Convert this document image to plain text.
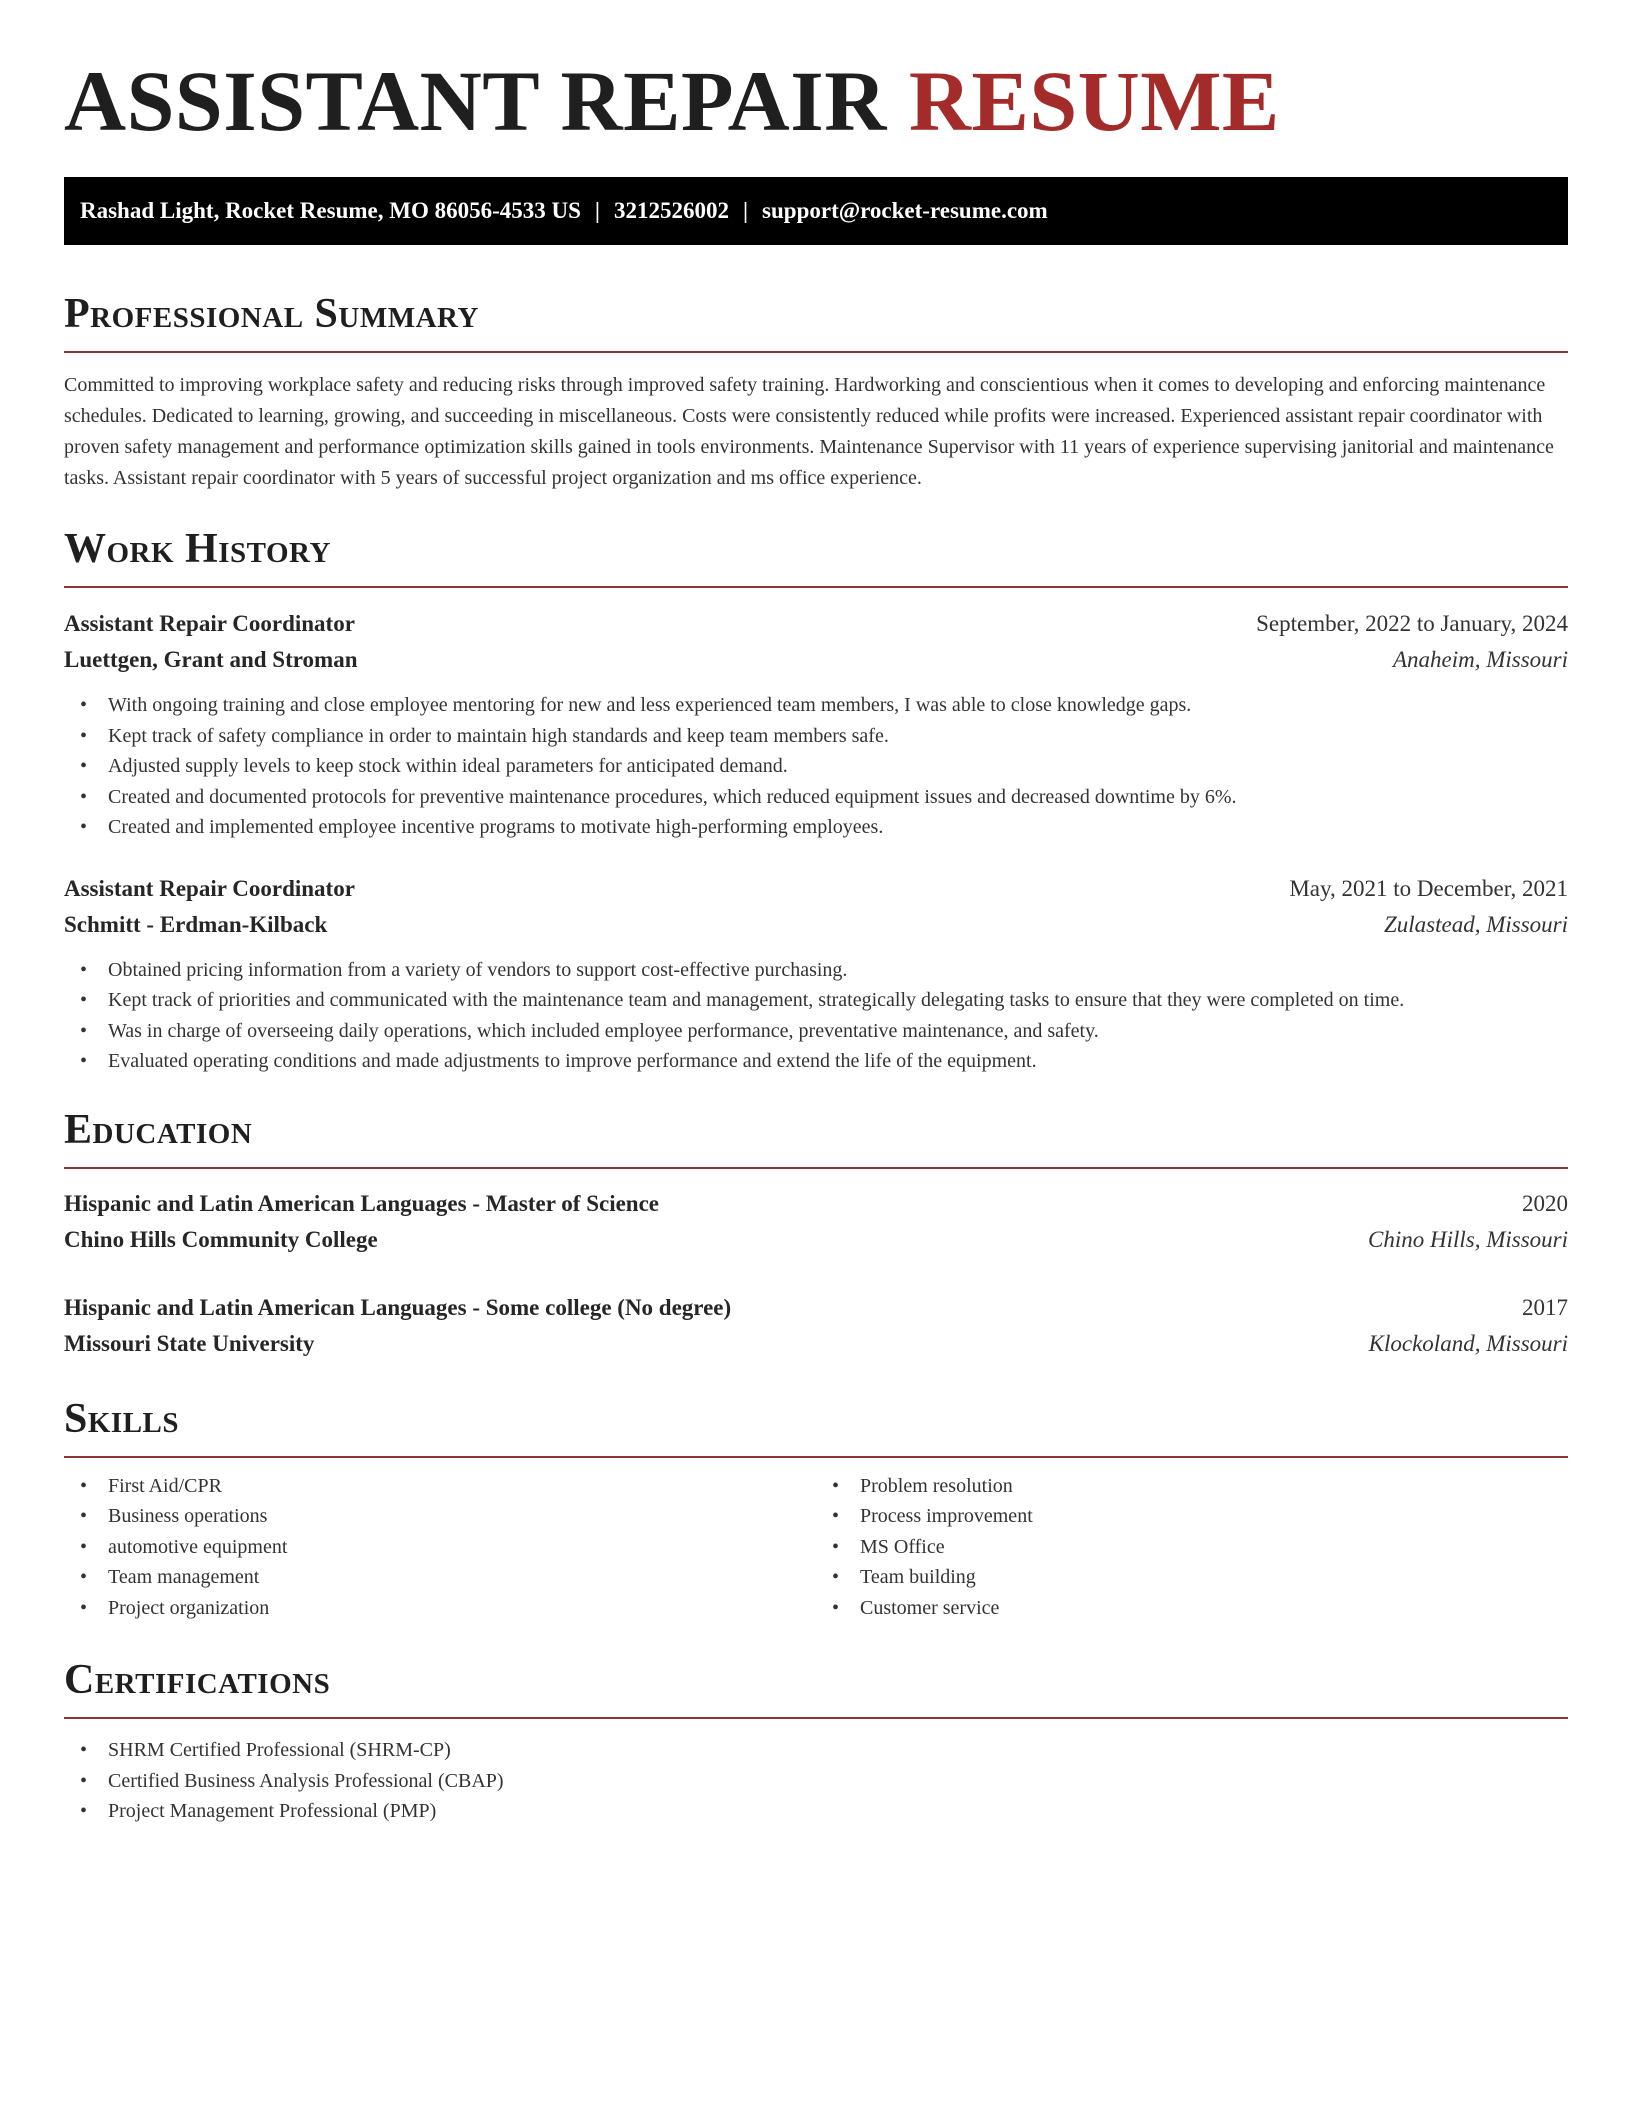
ASSISTANT REPAIR RESUME
Rashad Light, Rocket Resume, MO 86056-4533 US | 3212526002 | support@rocket-resume.com
Professional Summary

Committed to improving workplace safety and reducing risks through improved safety training. Hardworking and conscientious when it comes to developing and enforcing maintenance schedules. Dedicated to learning, growing, and succeeding in miscellaneous. Costs were consistently reduced while profits were increased. Experienced assistant repair coordinator with proven safety management and performance optimization skills gained in tools environments. Maintenance Supervisor with 11 years of experience supervising janitorial and maintenance tasks. Assistant repair coordinator with 5 years of successful project organization and ms office experience.

Work History
Assistant Repair Coordinator	September, 2022 to January, 2024
Luettgen, Grant and Stroman	Anaheim, Missouri
• With ongoing training and close employee mentoring for new and less experienced team members, I was able to close knowledge gaps.
• Kept track of safety compliance in order to maintain high standards and keep team members safe.
• Adjusted supply levels to keep stock within ideal parameters for anticipated demand.
• Created and documented protocols for preventive maintenance procedures, which reduced equipment issues and decreased downtime by 6%.
• Created and implemented employee incentive programs to motivate high-performing employees.
Assistant Repair Coordinator	May, 2021 to December, 2021
Schmitt - Erdman-Kilback	Zulastead, Missouri
• Obtained pricing information from a variety of vendors to support cost-effective purchasing.
• Kept track of priorities and communicated with the maintenance team and management, strategically delegating tasks to ensure that they were completed on time.
• Was in charge of overseeing daily operations, which included employee performance, preventative maintenance, and safety.
• Evaluated operating conditions and made adjustments to improve performance and extend the life of the equipment.
Education
Hispanic and Latin American Languages - Master of Science	2020
Chino Hills Community College	Chino Hills, Missouri
Hispanic and Latin American Languages - Some college (No degree)	2017
Missouri State University	Klockoland, Missouri
Skills
• First Aid/CPR
• Business operations
• automotive equipment
• Team management
• Project organization
• Problem resolution
• Process improvement
• MS Office
• Team building
• Customer service
Certifications
• SHRM Certified Professional (SHRM-CP)
• Certified Business Analysis Professional (CBAP)
• Project Management Professional (PMP)
